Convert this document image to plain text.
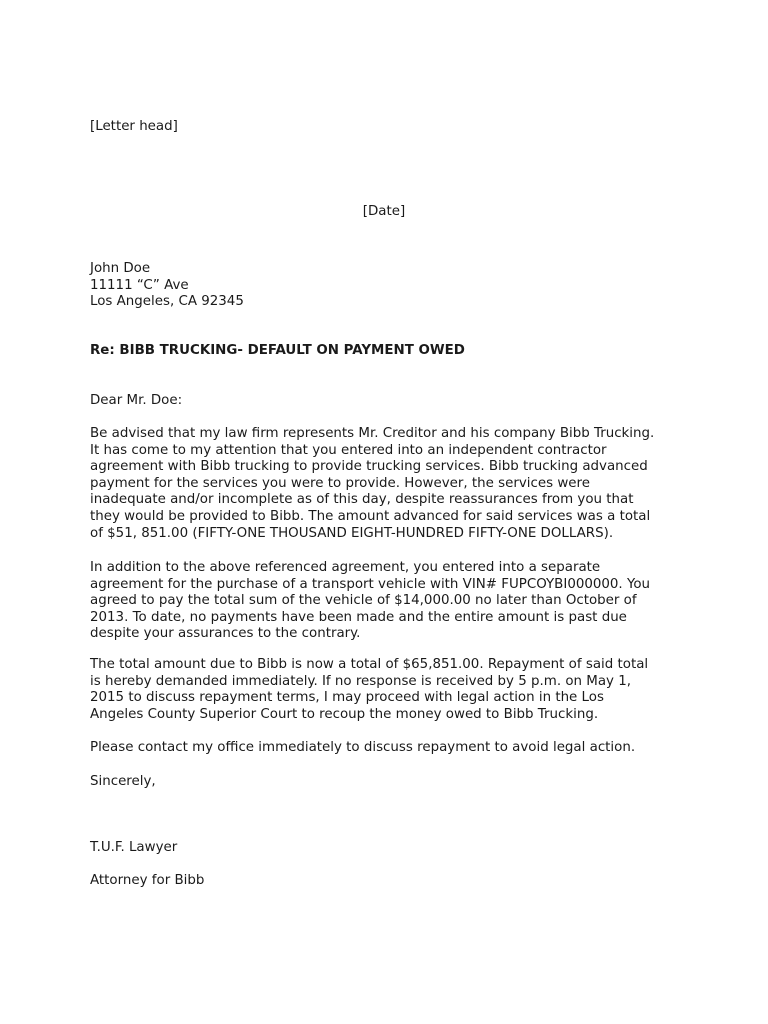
[Letter head]
[Date]
John Doe
11111 “C” Ave
Los Angeles, CA 92345
Re: BIBB TRUCKING- DEFAULT ON PAYMENT OWED
Dear Mr. Doe:
Be advised that my law firm represents Mr. Creditor and his company Bibb Trucking.
It has come to my attention that you entered into an independent contractor
agreement with Bibb trucking to provide trucking services. Bibb trucking advanced
payment for the services you were to provide. However, the services were
inadequate and/or incomplete as of this day, despite reassurances from you that
they would be provided to Bibb. The amount advanced for said services was a total
of $51, 851.00 (FIFTY-ONE THOUSAND EIGHT-HUNDRED FIFTY-ONE DOLLARS).
In addition to the above referenced agreement, you entered into a separate
agreement for the purchase of a transport vehicle with VIN# FUPCOYBI000000. You
agreed to pay the total sum of the vehicle of $14,000.00 no later than October of
2013. To date, no payments have been made and the entire amount is past due
despite your assurances to the contrary.
The total amount due to Bibb is now a total of $65,851.00. Repayment of said total
is hereby demanded immediately. If no response is received by 5 p.m. on May 1,
2015 to discuss repayment terms, I may proceed with legal action in the Los
Angeles County Superior Court to recoup the money owed to Bibb Trucking.
Please contact my office immediately to discuss repayment to avoid legal action.
Sincerely,
T.U.F. Lawyer
Attorney for Bibb
